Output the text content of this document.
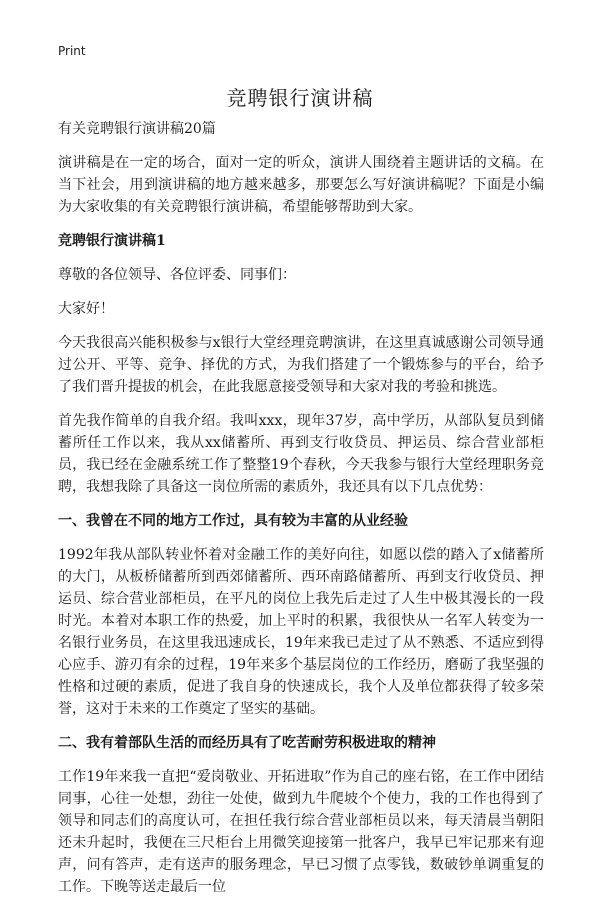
Print
竞聘银行演讲稿

有关竞聘银行演讲稿20篇

演讲稿是在一定的场合，面对一定的听众，演讲人围绕着主题讲话的文稿。在当下社会，用到演讲稿的地方越来越多，那要怎么写好演讲稿呢？下面是小编为大家收集的有关竞聘银行演讲稿，希望能够帮助到大家。

竞聘银行演讲稿1

尊敬的各位领导、各位评委、同事们：

大家好！

今天我很高兴能积极参与x银行大堂经理竞聘演讲，在这里真诚感谢公司领导通过公开、平等、竞争、择优的方式，为我们搭建了一个锻炼参与的平台，给予了我们晋升提拔的机会，在此我愿意接受领导和大家对我的考验和挑选。

首先我作简单的自我介绍。我叫xxx，现年37岁，高中学历，从部队复员到储蓄所任工作以来，我从xx储蓄所、再到支行收贷员、押运员、综合营业部柜员，我已经在金融系统工作了整整19个春秋，今天我参与银行大堂经理职务竞聘，我想我除了具备这一岗位所需的素质外，我还具有以下几点优势：

一、我曾在不同的地方工作过，具有较为丰富的从业经验

1992年我从部队转业怀着对金融工作的美好向往，如愿以偿的踏入了x储蓄所的大门，从板桥储蓄所到西郊储蓄所、西环南路储蓄所、再到支行收贷员、押运员、综合营业部柜员，在平凡的岗位上我先后走过了人生中极其漫长的一段时光。本着对本职工作的热爱，加上平时的积累，我很快从一名军人转变为一名银行业务员，在这里我迅速成长，19年来我已走过了从不熟悉、不适应到得心应手、游刃有余的过程，19年来多个基层岗位的工作经历，磨砺了我坚强的性格和过硬的素质，促进了我自身的快速成长，我个人及单位都获得了较多荣誉，这对于未来的工作奠定了坚实的基础。

二、我有着部队生活的而经历具有了吃苦耐劳积极进取的精神

工作19年来我一直把“爱岗敬业、开拓进取”作为自己的座右铭，在工作中团结同事，心往一处想，劲往一处使，做到九牛爬坡个个使力，我的工作也得到了领导和同志们的高度认可，在担任我行综合营业部柜员以来，每天清晨当朝阳还未升起时，我便在三尺柜台上用微笑迎接第一批客户，我早已牢记那来有迎声，问有答声，走有送声的服务理念，早已习惯了点零钱，数破钞单调重复的工作。下晚等送走最后一位
